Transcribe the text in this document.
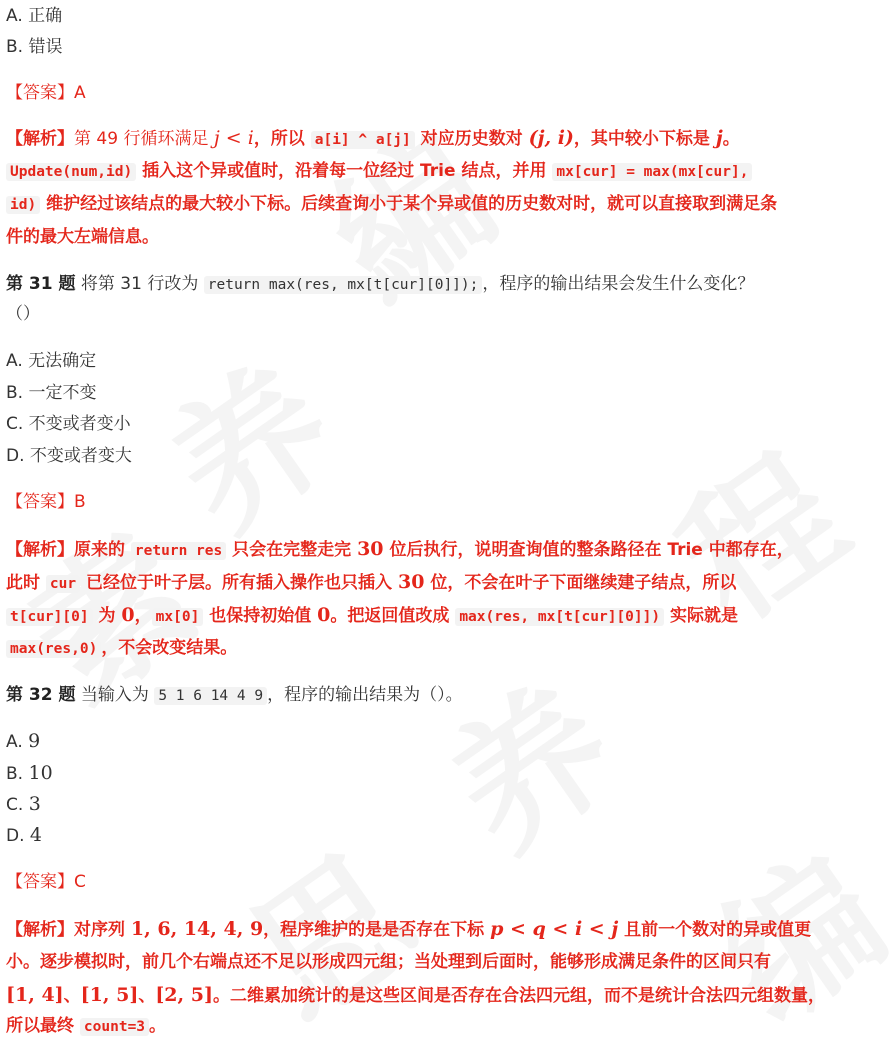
A. 正确
B. 错误
【答案】A
【解析】第 49 行循环满足 j < i，所以 a[i] ^ a[j] 对应历史数对 (j, i)，其中较小下标是 j。
Update(num,id) 插入这个异或值时，沿着每一位经过 Trie 结点，并用 mx[cur] = max(mx[cur],
id) 维护经过该结点的最大较小下标。后续查询小于某个异或值的历史数对时，就可以直接取到满足条
件的最大左端信息。
第 31 题 将第 31 行改为 return max(res, mx[t[cur][0]]); ，程序的输出结果会发生什么变化？
（）
A. 无法确定
B. 一定不变
C. 不变或者变小
D. 不变或者变大
【答案】B
【解析】原来的 return res 只会在完整走完 30 位后执行，说明查询值的整条路径在 Trie 中都存在，
此时 cur 已经位于叶子层。所有插入操作也只插入 30 位，不会在叶子下面继续建子结点，所以
t[cur][0] 为 0， mx[0] 也保持初始值 0。把返回值改成 max(res, mx[t[cur][0]]) 实际就是
max(res,0) ，不会改变结果。
第 32 题 当输入为 5 1 6 14 4 9 ，程序的输出结果为（）。
A. 9
B. 10
C. 3
D. 4
【答案】C
【解析】对序列 1, 6, 14, 4, 9，程序维护的是是否存在下标 p < q < i < j 且前一个数对的异或值更
小。逐步模拟时，前几个右端点还不足以形成四元组；当处理到后面时，能够形成满足条件的区间只有
[1, 4]、[1, 5]、[2, 5]。二维累加统计的是这些区间是否存在合法四元组，而不是统计合法四元组数量，
所以最终 count=3 。
